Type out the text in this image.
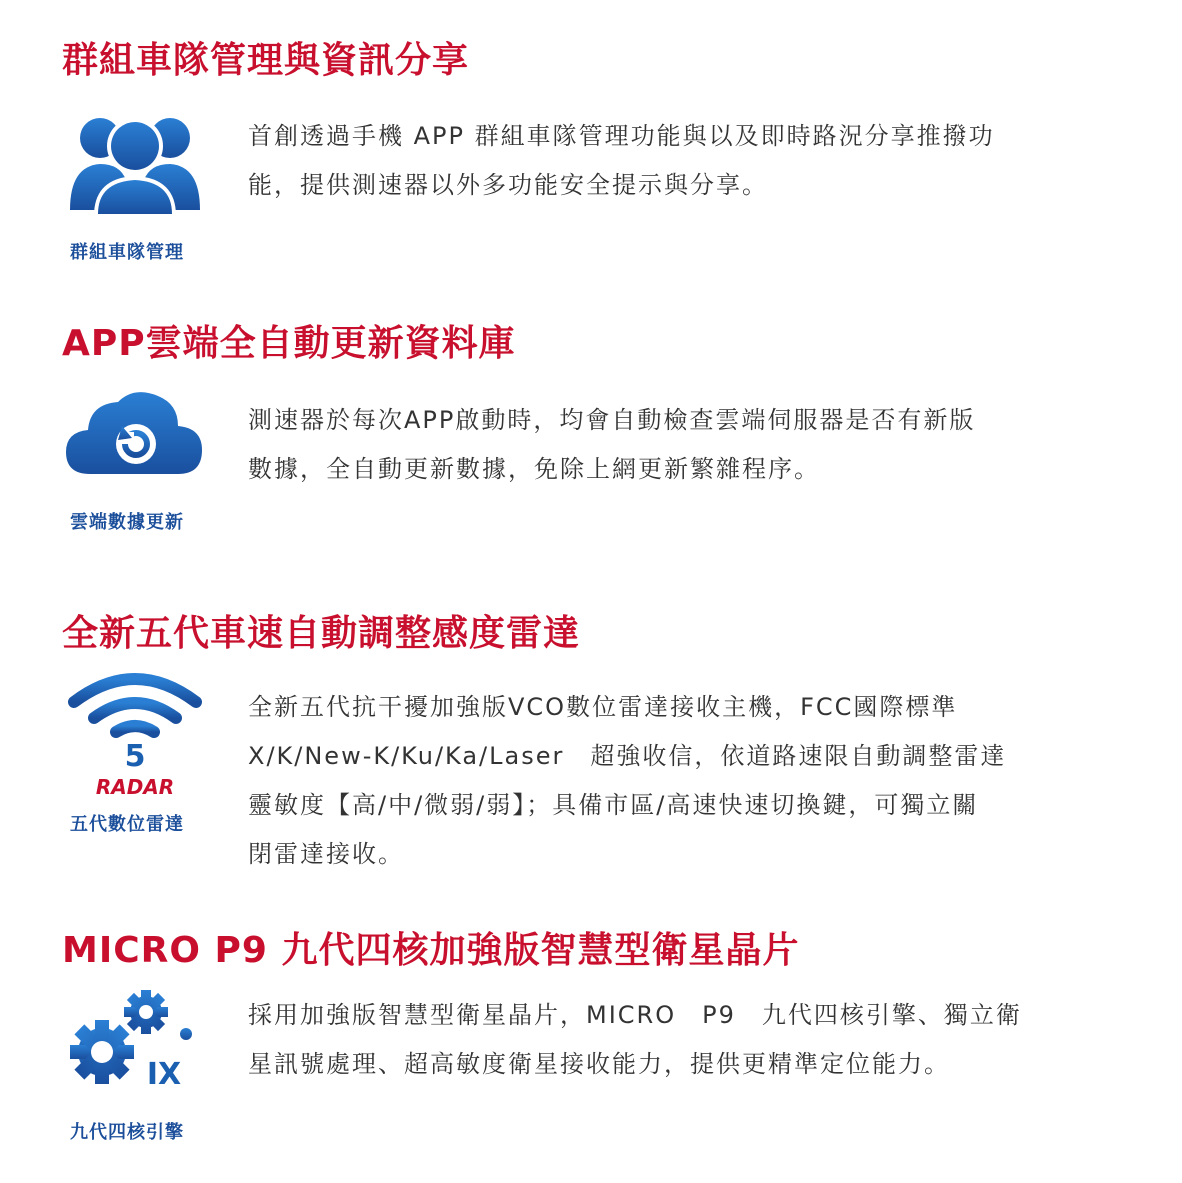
群組車隊管理與資訊分享
群組車隊管理
首創透過手機 APP 群組車隊管理功能與以及即時路況分享推撥功
能，提供測速器以外多功能安全提示與分享。
APP雲端全自動更新資料庫
雲端數據更新
測速器於每次APP啟動時，均會自動檢查雲端伺服器是否有新版
數據，全自動更新數據，免除上網更新繁雜程序。
全新五代車速自動調整感度雷達
5
RADAR
五代數位雷達
全新五代抗干擾加強版VCO數位雷達接收主機，FCC國際標準
X/K/New-K/Ku/Ka/Laser　超強收信，依道路速限自動調整雷達
靈敏度【高/中/微弱/弱】；具備市區/高速快速切換鍵，可獨立關
閉雷達接收。
MICRO P9 九代四核加強版智慧型衛星晶片
IX
九代四核引擎
採用加強版智慧型衛星晶片，MICRO　P9　九代四核引擎、獨立衛
星訊號處理、超高敏度衛星接收能力，提供更精準定位能力。
